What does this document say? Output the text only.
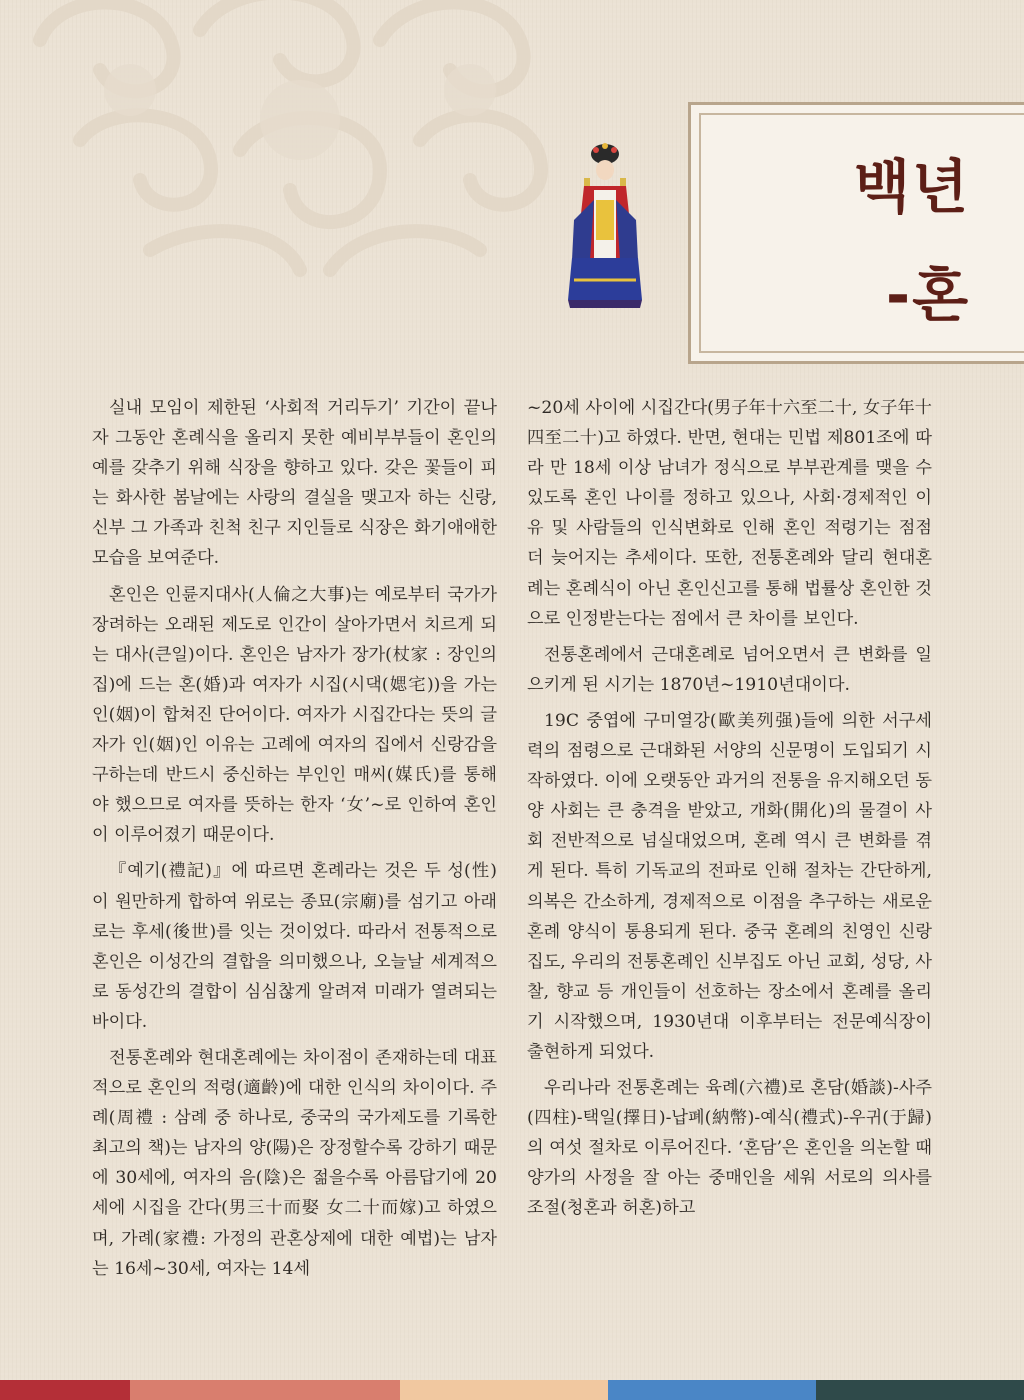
백년
-혼

실내 모임이 제한된 ‘사회적 거리두기’ 기간이 끝나자 그동안 혼례식을 올리지 못한 예비부부들이 혼인의 예를 갖추기 위해 식장을 향하고 있다. 갖은 꽃들이 피는 화사한 봄날에는 사랑의 결실을 맺고자 하는 신랑, 신부 그 가족과 친척 친구 지인들로 식장은 화기애애한 모습을 보여준다.

혼인은 인륜지대사(人倫之大事)는 예로부터 국가가 장려하는 오래된 제도로 인간이 살아가면서 치르게 되는 대사(큰일)이다. 혼인은 남자가 장가(杖家 : 장인의 집)에 드는 혼(婚)과 여자가 시집(시댁(媤宅))을 가는 인(姻)이 합쳐진 단어이다. 여자가 시집간다는 뜻의 글자가 인(姻)인 이유는 고례에 여자의 집에서 신랑감을 구하는데 반드시 중신하는 부인인 매씨(媒氏)를 통해야 했으므로 여자를 뜻하는 한자 ‘女’~로 인하여 혼인이 이루어졌기 때문이다.

『예기(禮記)』에 따르면 혼례라는 것은 두 성(性)이 원만하게 합하여 위로는 종묘(宗廟)를 섬기고 아래로는 후세(後世)를 잇는 것이었다. 따라서 전통적으로 혼인은 이성간의 결합을 의미했으나, 오늘날 세계적으로 동성간의 결합이 심심찮게 알려져 미래가 열려되는 바이다.

전통혼례와 현대혼례에는 차이점이 존재하는데 대표적으로 혼인의 적령(適齡)에 대한 인식의 차이이다. 주례(周禮 : 삼례 중 하나로, 중국의 국가제도를 기록한 최고의 책)는 남자의 양(陽)은 장정할수록 강하기 때문에 30세에, 여자의 음(陰)은 젊을수록 아름답기에 20세에 시집을 간다(男三十而娶 女二十而嫁)고 하였으며, 가례(家禮: 가정의 관혼상제에 대한 예법)는 남자는 16세~30세, 여자는 14세

~20세 사이에 시집간다(男子年十六至二十, 女子年十四至二十)고 하였다. 반면, 현대는 민법 제801조에 따라 만 18세 이상 남녀가 정식으로 부부관계를 맺을 수 있도록 혼인 나이를 정하고 있으나, 사회·경제적인 이유 및 사람들의 인식변화로 인해 혼인 적령기는 점점 더 늦어지는 추세이다. 또한, 전통혼례와 달리 현대혼례는 혼례식이 아닌 혼인신고를 통해 법률상 혼인한 것으로 인정받는다는 점에서 큰 차이를 보인다.

전통혼례에서 근대혼례로 넘어오면서 큰 변화를 일으키게 된 시기는 1870년~1910년대이다.

19C 중엽에 구미열강(歐美列强)들에 의한 서구세력의 점령으로 근대화된 서양의 신문명이 도입되기 시작하였다. 이에 오랫동안 과거의 전통을 유지해오던 동양 사회는 큰 충격을 받았고, 개화(開化)의 물결이 사회 전반적으로 넘실대었으며, 혼례 역시 큰 변화를 겪게 된다. 특히 기독교의 전파로 인해 절차는 간단하게, 의복은 간소하게, 경제적으로 이점을 추구하는 새로운 혼례 양식이 통용되게 된다. 중국 혼례의 친영인 신랑집도, 우리의 전통혼례인 신부집도 아닌 교회, 성당, 사찰, 향교 등 개인들이 선호하는 장소에서 혼례를 올리기 시작했으며, 1930년대 이후부터는 전문예식장이 출현하게 되었다.

우리나라 전통혼례는 육례(六禮)로 혼담(婚談)-사주(四柱)-택일(擇日)-납폐(納幣)-예식(禮式)-우귀(于歸)의 여섯 절차로 이루어진다. ‘혼담’은 혼인을 의논할 때 양가의 사정을 잘 아는 중매인을 세워 서로의 의사를 조절(청혼과 허혼)하고
